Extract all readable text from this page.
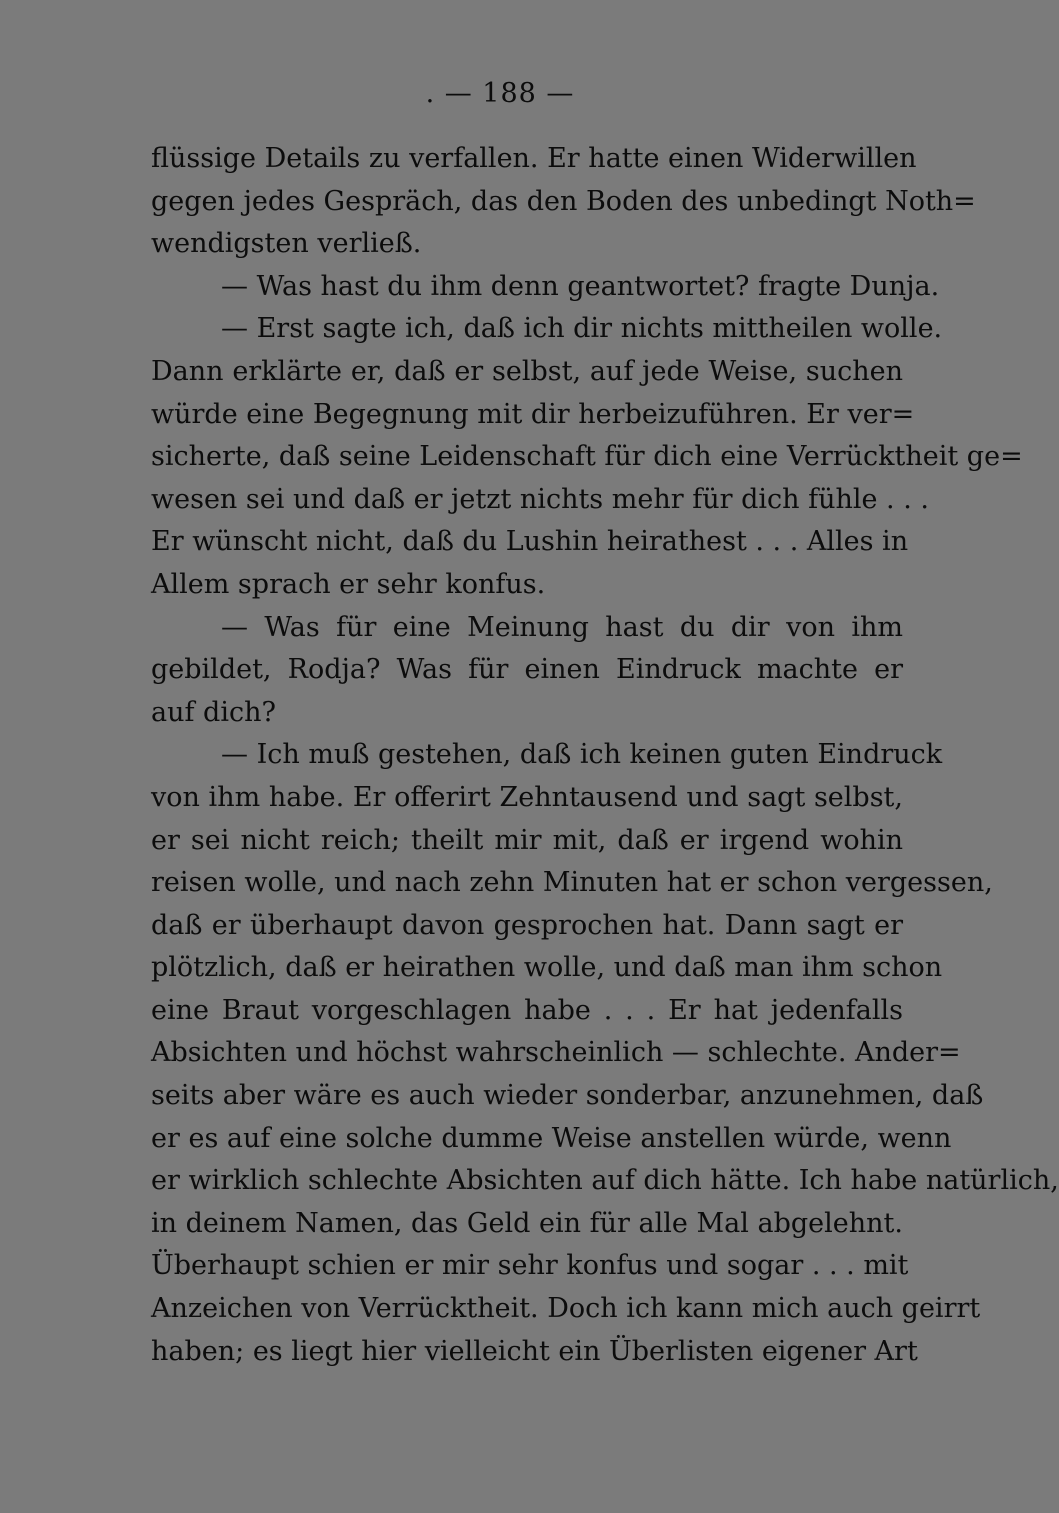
. — 188 —
flüssige Details zu verfallen. Er hatte einen Widerwillen
gegen jedes Gespräch, das den Boden des unbedingt Noth=
wendigsten verließ.
— Was hast du ihm denn geantwortet? fragte Dunja.
— Erst sagte ich, daß ich dir nichts mittheilen wolle.
Dann erklärte er, daß er selbst, auf jede Weise, suchen
würde eine Begegnung mit dir herbeizuführen. Er ver=
sicherte, daß seine Leidenschaft für dich eine Verrücktheit ge=
wesen sei und daß er jetzt nichts mehr für dich fühle . . .
Er wünscht nicht, daß du Lushin heirathest . . . Alles in
Allem sprach er sehr konfus.
— Was für eine Meinung hast du dir von ihm
gebildet, Rodja? Was für einen Eindruck machte er
auf dich?
— Ich muß gestehen, daß ich keinen guten Eindruck
von ihm habe. Er offerirt Zehntausend und sagt selbst,
er sei nicht reich; theilt mir mit, daß er irgend wohin
reisen wolle, und nach zehn Minuten hat er schon vergessen,
daß er überhaupt davon gesprochen hat. Dann sagt er
plötzlich, daß er heirathen wolle, und daß man ihm schon
eine Braut vorgeschlagen habe . . . Er hat jedenfalls
Absichten und höchst wahrscheinlich — schlechte. Ander=
seits aber wäre es auch wieder sonderbar, anzunehmen, daß
er es auf eine solche dumme Weise anstellen würde, wenn
er wirklich schlechte Absichten auf dich hätte. Ich habe natürlich,
in deinem Namen, das Geld ein für alle Mal abgelehnt.
Überhaupt schien er mir sehr konfus und sogar . . . mit
Anzeichen von Verrücktheit. Doch ich kann mich auch geirrt
haben; es liegt hier vielleicht ein Überlisten eigener Art
